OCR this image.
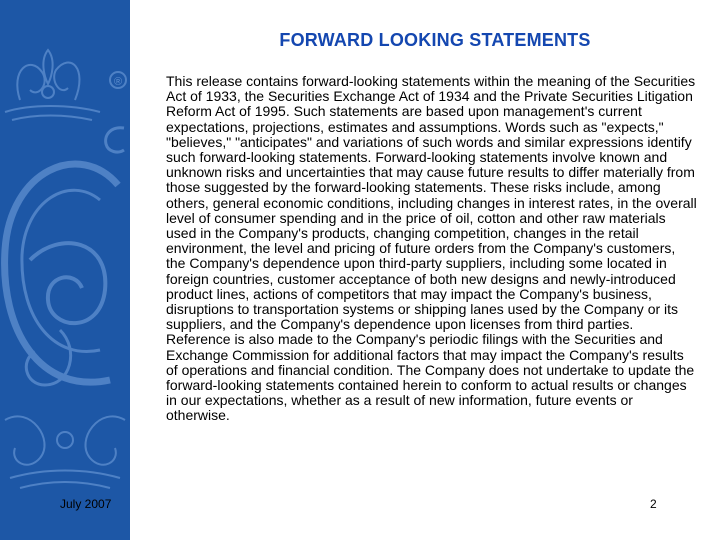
®
FORWARD LOOKING STATEMENTS

This release contains forward-looking statements within the meaning of the Securities Act of 1933, the Securities Exchange Act of 1934 and the Private Securities Litigation Reform Act of 1995. Such statements are based upon management's current expectations, projections, estimates and assumptions. Words such as "expects," "believes," "anticipates" and variations of such words and similar expressions identify such forward-looking statements. Forward-looking statements involve known and unknown risks and uncertainties that may cause future results to differ materially from those suggested by the forward-looking statements. These risks include, among others, general economic conditions, including changes in interest rates, in the overall level of consumer spending and in the price of oil, cotton and other raw materials used in the Company's products, changing competition, changes in the retail environment, the level and pricing of future orders from the Company's customers, the Company's dependence upon third-party suppliers, including some located in foreign countries, customer acceptance of both new designs and newly-introduced product lines, actions of competitors that may impact the Company's business, disruptions to transportation systems or shipping lanes used by the Company or its suppliers, and the Company's dependence upon licenses from third parties. Reference is also made to the Company's periodic filings with the Securities and Exchange Commission for additional factors that may impact the Company's results of operations and financial condition. The Company does not undertake to update the forward-looking statements contained herein to conform to actual results or changes in our expectations, whether as a result of new information, future events or otherwise.

July 2007	2
